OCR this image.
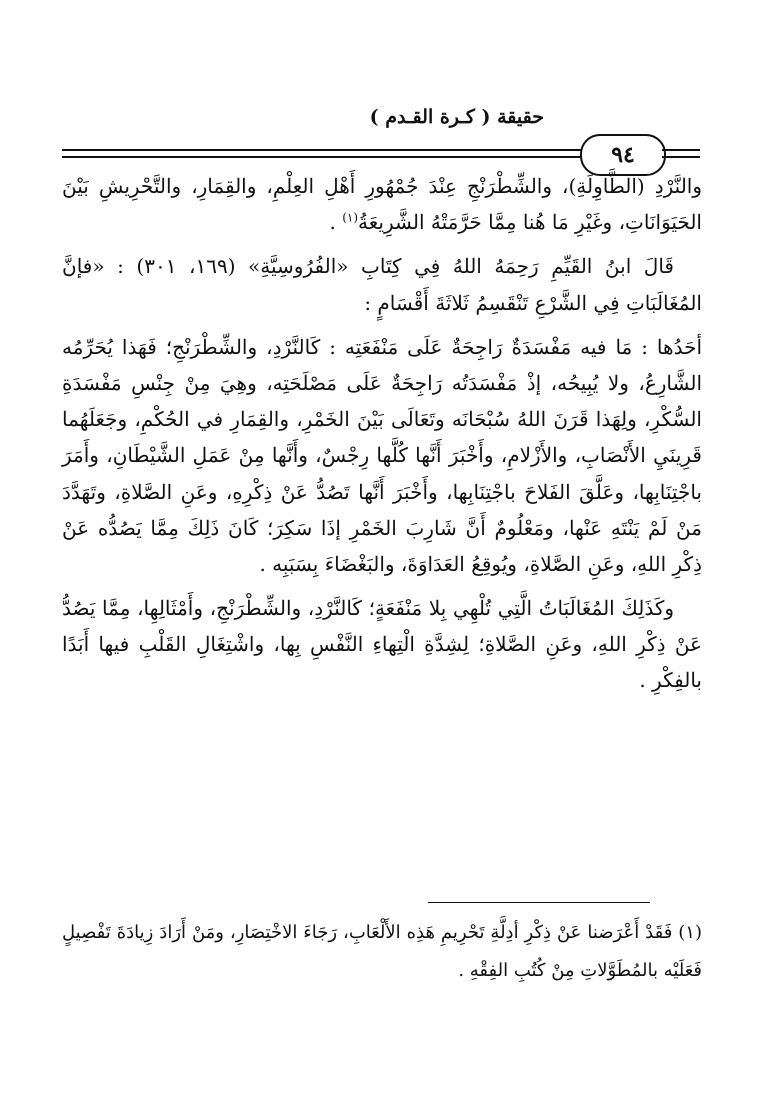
حقيقة ( كـرة القـدم )
٩٤

والنَّرْدِ (الطَّاوِلَةِ)، والشِّطْرَنْجِ عِنْدَ جُمْهُورِ أَهْلِ العِلْمِ، والقِمَارِ، والتَّحْرِيشِ بَيْنَ الحَيَوَانَاتِ، وغَيْرِ مَا هُنا مِمَّا حَرَّمَتْهُ الشَّرِيعَةُ$^{(١)}$ .

قَالَ ابنُ القَيِّمِ رَحِمَهُ اللهُ فِي كِتَابِ «الفُرُوسِيَّةِ» (١٦٩، ٣٠١) : «فإنَّ المُغَالَبَاتِ فِي الشَّرْعِ تَنْقَسِمُ ثَلاثَةَ أَقْسَامٍ :

أحَدُها : مَا فيه مَفْسَدَةٌ رَاجِحَةٌ عَلَى مَنْفَعَتِه : كَالنَّرْدِ، والشِّطْرَنْجِ؛ فَهَذا يُحَرِّمُه الشَّارِعُ، ولا يُبِيحُه، إذْ مَفْسَدَتُه رَاجِحَةٌ عَلَى مَصْلَحَتِه، وهِيَ مِنْ جِنْسِ مَفْسَدَةِ السُّكْرِ، ولِهَذا قَرَنَ اللهُ سُبْحَانَه وتَعَالَى بَيْنَ الخَمْرِ، والقِمَارِ في الحُكْمِ، وجَعَلَهُما قَرِينَيِ الأَنْصَابِ، والأَزْلامِ، وأَخْبَرَ أَنَّها كُلَّها رِجْسٌ، وأَنَّها مِنْ عَمَلِ الشَّيْطَانِ، وأَمَرَ باجْتِنَابِها، وعَلَّقَ الفَلاحَ باجْتِنَابِها، وأَخْبَرَ أَنَّها تَصُدُّ عَنْ ذِكْرِهِ، وعَنِ الصَّلاةِ، وتَهَدَّدَ مَنْ لَمْ يَنْتَهِ عَنْها، ومَعْلُومٌ أَنَّ شَارِبَ الخَمْرِ إذَا سَكِرَ؛ كَانَ ذَلِكَ مِمَّا يَصُدُّه عَنْ ذِكْرِ اللهِ، وعَنِ الصَّلاةِ، ويُوقِعُ العَدَاوَةَ، والبَغْضَاءَ بِسَبَبِه .

وكَذَلِكَ المُغَالَبَاتُ الَّتِي تُلْهِي بِلا مَنْفَعَةٍ؛ كَالنَّرْدِ، والشِّطْرَنْجِ، وأَمْثَالِهِا، مِمَّا يَصُدُّ عَنْ ذِكْرِ اللهِ، وعَنِ الصَّلاةِ؛ لِشِدَّةِ الْتِهاءِ النَّفْسِ بِها، واشْتِغَالِ القَلْبِ فيها أَبَدًا بالفِكْرِ .

(١) فَقَدْ أَعْرَضنا عَنْ ذِكْرِ أدِلَّةِ تَحْرِيمِ هَذِه الأَلْعَابِ، رَجَاءَ الاخْتِصَارِ، ومَنْ أَرَادَ زِيادَةَ تَفْصِيلٍ فَعَلَيْه بالمُطَوَّلاتِ مِنْ كُتُبِ الفِقْهِ .
